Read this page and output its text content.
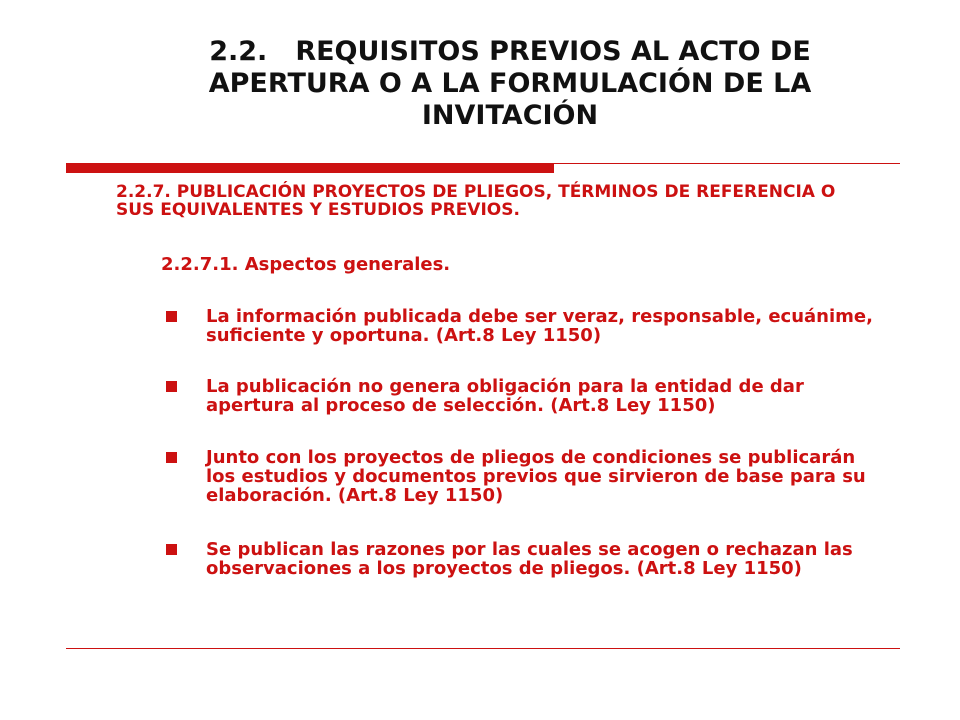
2.2. REQUISITOS PREVIOS AL ACTO DE
APERTURA O A LA FORMULACIÓN DE LA
INVITACIÓN
2.2.7. PUBLICACIÓN PROYECTOS DE PLIEGOS, TÉRMINOS DE REFERENCIA O SUS EQUIVALENTES Y ESTUDIOS PREVIOS.
2.2.7.1. Aspectos generales.
La información publicada debe ser veraz, responsable, ecuánime, suficiente y oportuna. (Art.8 Ley 1150)
La publicación no genera obligación para la entidad de dar apertura al proceso de selección. (Art.8 Ley 1150)
Junto con los proyectos de pliegos de condiciones se publicarán los estudios y documentos previos que sirvieron de base para su elaboración. (Art.8 Ley 1150)
Se publican las razones por las cuales se acogen o rechazan las observaciones a los proyectos de pliegos. (Art.8 Ley 1150)
